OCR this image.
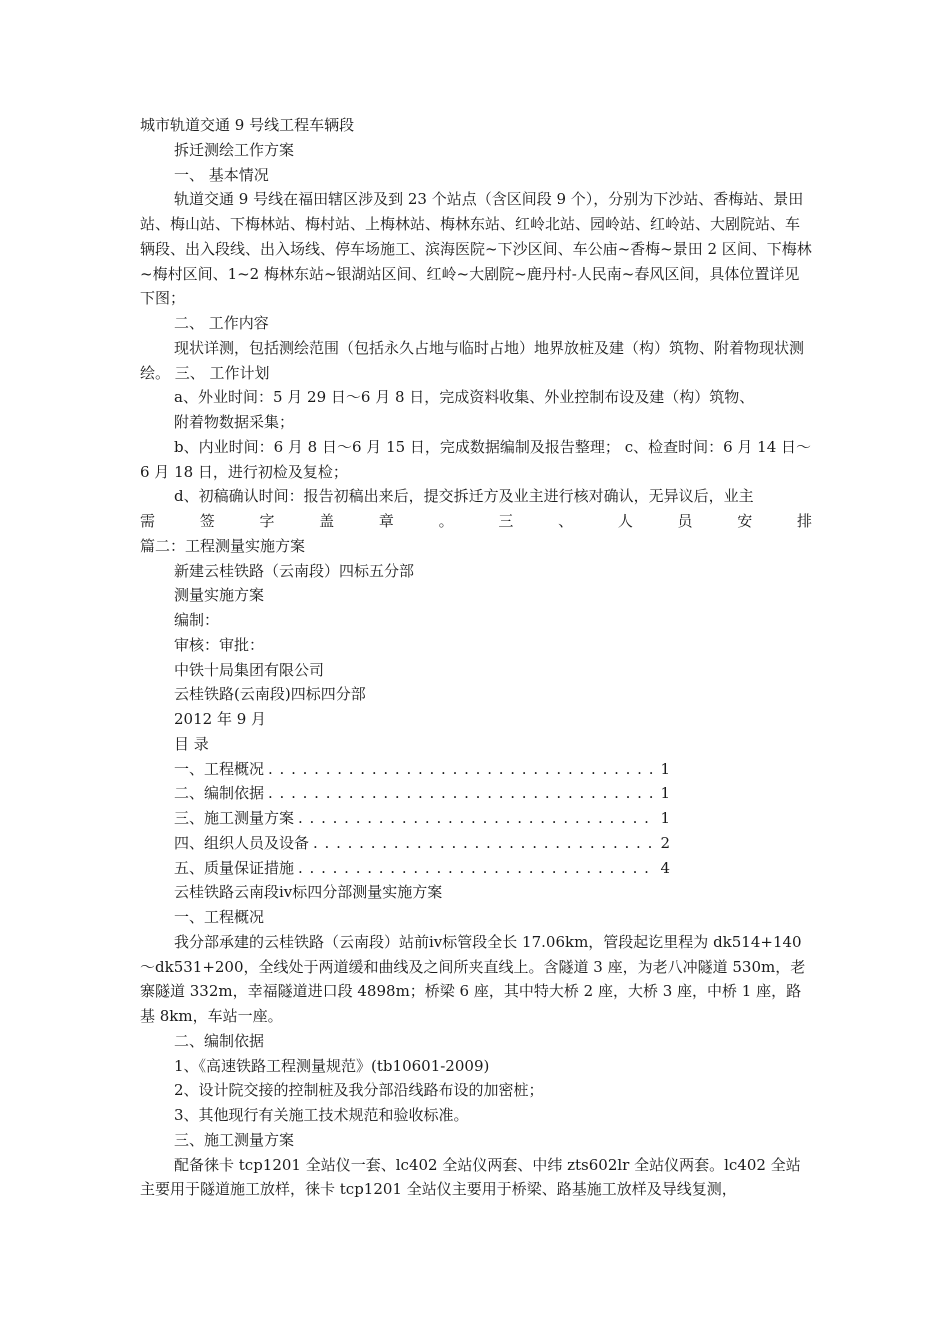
城市轨道交通 9 号线工程车辆段

拆迁测绘工作方案

一、 基本情况

轨道交通 9 号线在福田辖区涉及到 23 个站点（含区间段 9 个），分别为下沙站、香梅站、景田站、梅山站、下梅林站、梅村站、上梅林站、梅林东站、红岭北站、园岭站、红岭站、大剧院站、车辆段、出入段线、出入场线、停车场施工、滨海医院~下沙区间、车公庙~香梅~景田 2 区间、下梅林~梅村区间、1~2 梅林东站~银湖站区间、红岭~大剧院~鹿丹村-人民南~春风区间，具体位置详见下图；

二、 工作内容

现状详测，包括测绘范围（包括永久占地与临时占地）地界放桩及建（构）筑物、附着物现状测绘。 三、 工作计划

a、外业时间：5 月 29 日～6 月 8 日，完成资料收集、外业控制布设及建（构）筑物、

附着物数据采集；

b、内业时间：6 月 8 日～6 月 15 日，完成数据编制及报告整理； c、检查时间：6 月 14 日～6 月 18 日，进行初检及复检；

d、初稿确认时间：报告初稿出来后，提交拆迁方及业主进行核对确认，无异议后，业主

需 签 字 盖 章 。 三 、 人 员 安 排

篇二：工程测量实施方案

新建云桂铁路（云南段）四标五分部

测量实施方案

编制：

审核：审批：

中铁十局集团有限公司

云桂铁路(云南段)四标四分部

2012 年 9 月

目 录

一、工程概况 . . .	1
二、编制依据 . . .	1
三、施工测量方案 . . .	1
四、组织人员及设备 . . .	2
五、质量保证措施 . . .	4

云桂铁路云南段iv标四分部测量实施方案

一、工程概况

我分部承建的云桂铁路（云南段）站前iv标管段全长 17.06km，管段起讫里程为 dk514+140～dk531+200，全线处于两道缓和曲线及之间所夹直线上。含隧道 3 座，为老八冲隧道 530m，老寨隧道 332m，幸福隧道进口段 4898m；桥梁 6 座，其中特大桥 2 座，大桥 3 座，中桥 1 座，路基 8km，车站一座。

二、编制依据

1、《高速铁路工程测量规范》(tb10601-2009)

2、设计院交接的控制桩及我分部沿线路布设的加密桩；

3、其他现行有关施工技术规范和验收标准。

三、施工测量方案

配备徕卡 tcp1201 全站仪一套、lc402 全站仪两套、中纬 zts602lr 全站仪两套。lc402 全站主要用于隧道施工放样，徕卡 tcp1201 全站仪主要用于桥梁、路基施工放样及导线复测，
